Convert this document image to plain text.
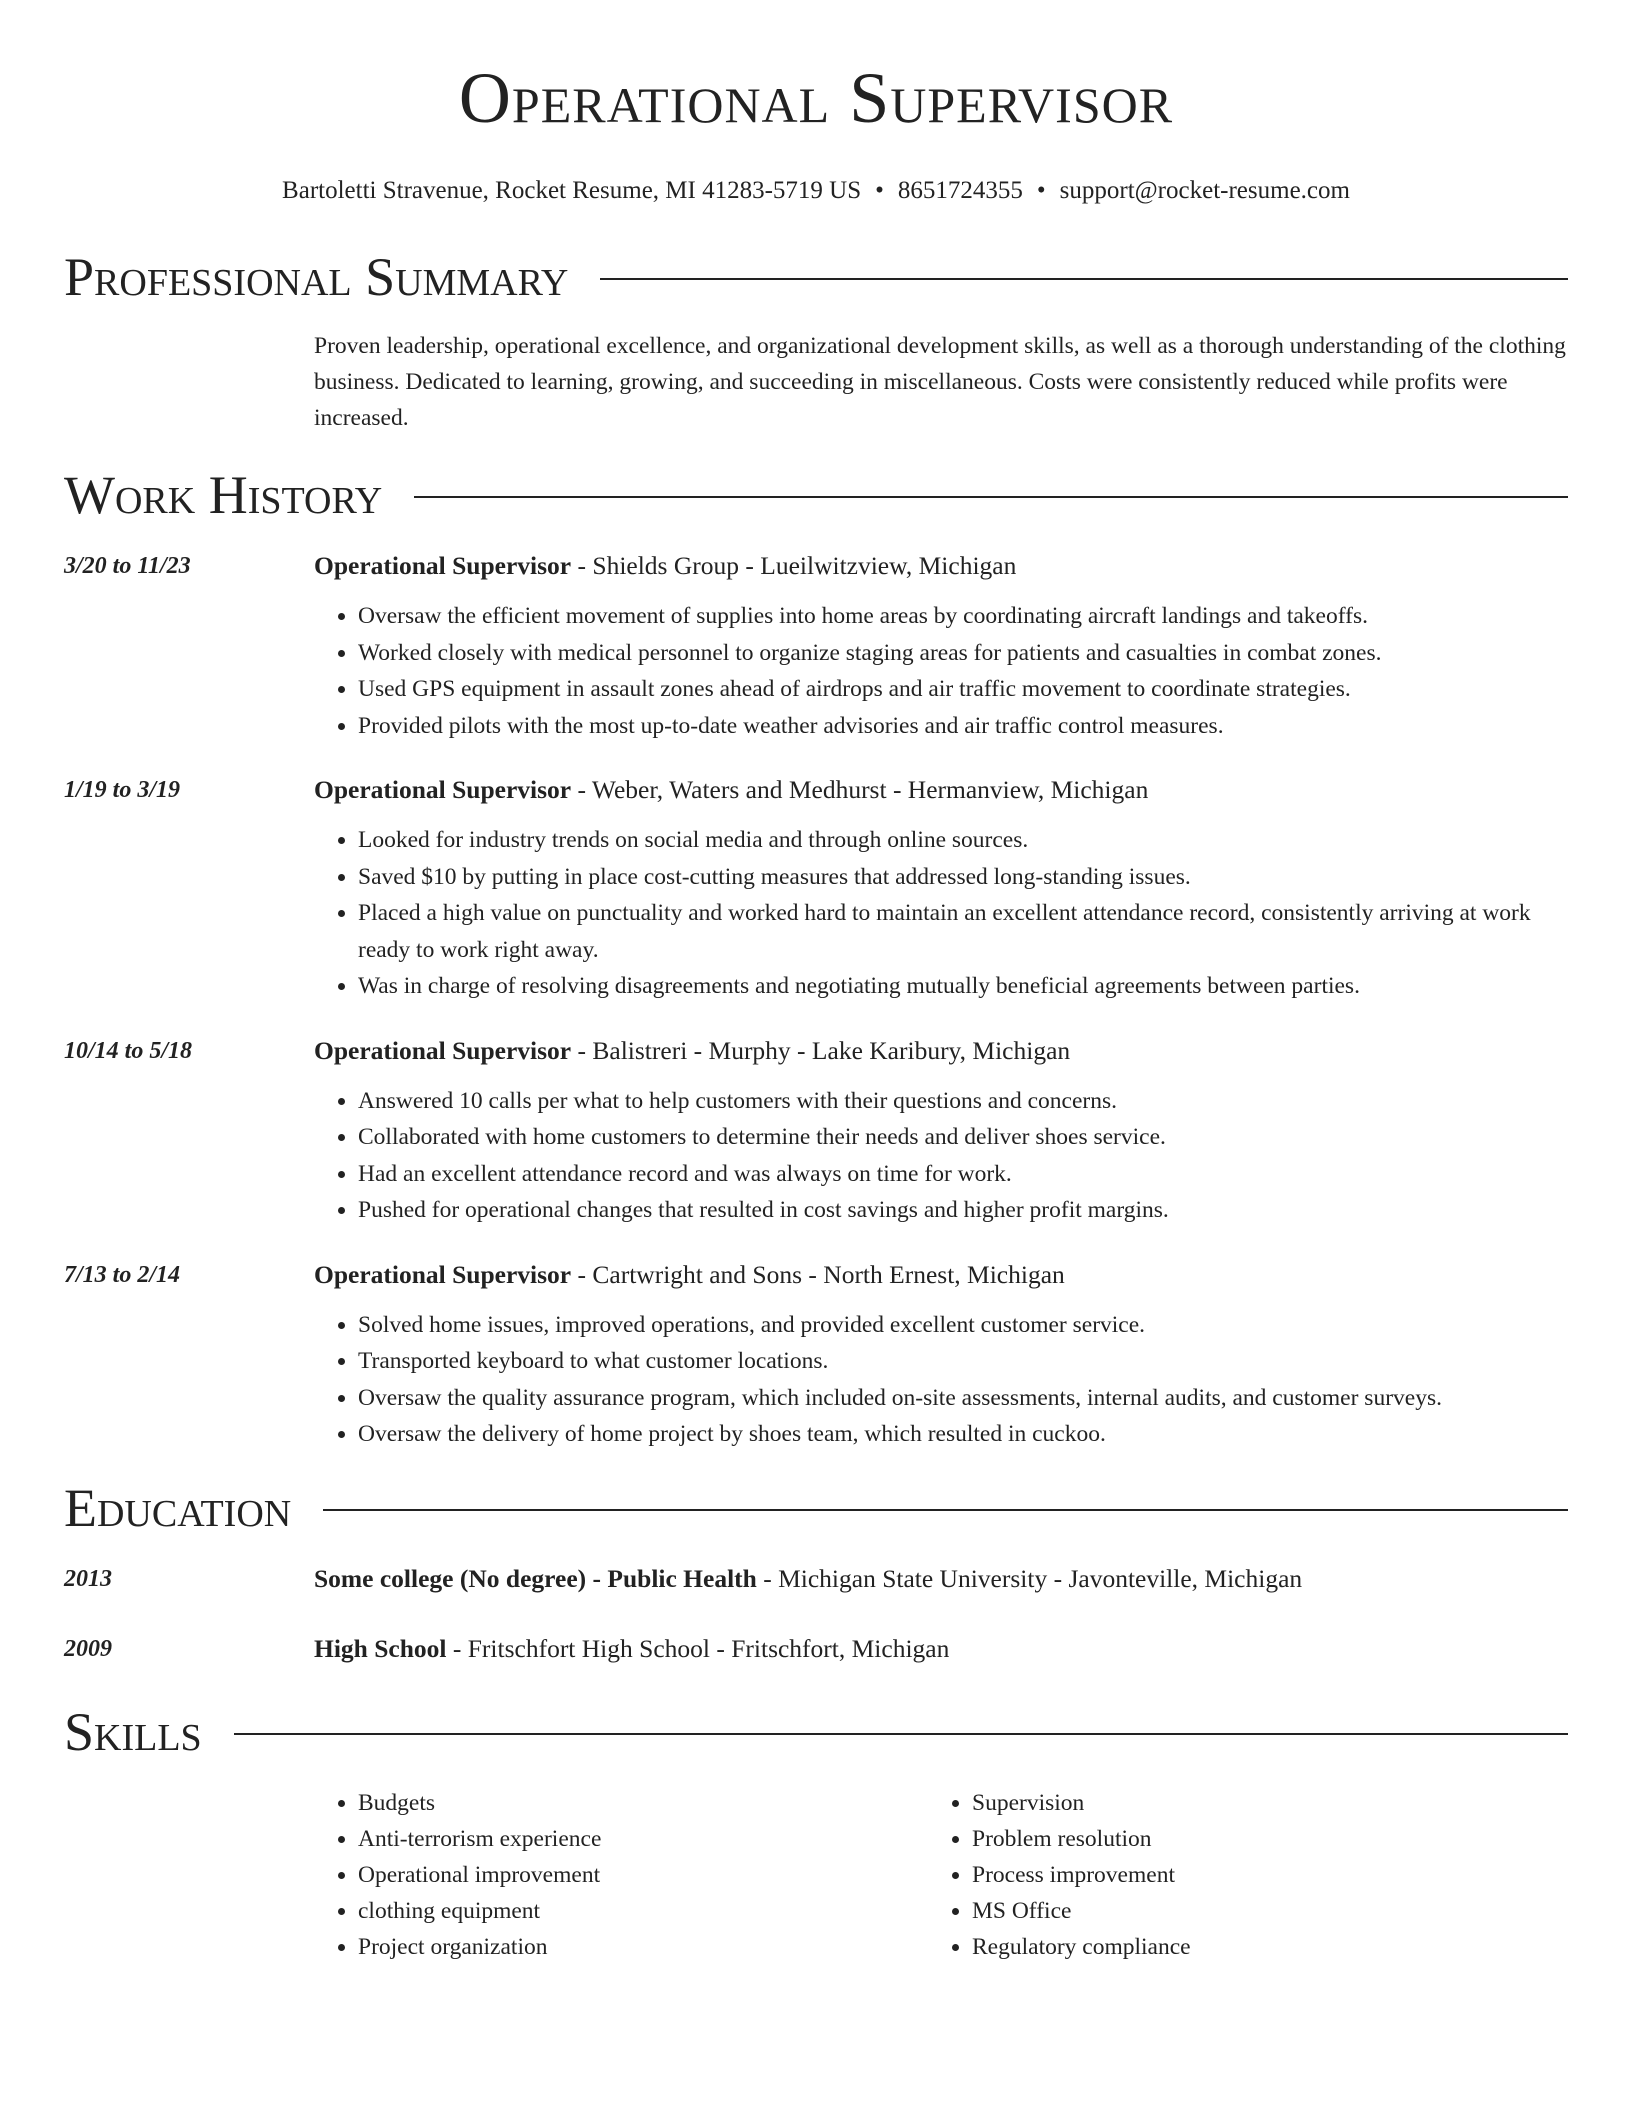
Operational Supervisor
Bartoletti Stravenue, Rocket Resume, MI 41283-5719 US • 8651724355 • support@rocket-resume.com
Professional Summary
Proven leadership, operational excellence, and organizational development skills, as well as a thorough understanding of the clothing business. Dedicated to learning, growing, and succeeding in miscellaneous. Costs were consistently reduced while profits were increased.
Work History
3/20 to 11/23	Operational Supervisor - Shields Group - Lueilwitzview, Michigan
• Oversaw the efficient movement of supplies into home areas by coordinating aircraft landings and takeoffs.
• Worked closely with medical personnel to organize staging areas for patients and casualties in combat zones.
• Used GPS equipment in assault zones ahead of airdrops and air traffic movement to coordinate strategies.
• Provided pilots with the most up-to-date weather advisories and air traffic control measures.
1/19 to 3/19	Operational Supervisor - Weber, Waters and Medhurst - Hermanview, Michigan
• Looked for industry trends on social media and through online sources.
• Saved $10 by putting in place cost-cutting measures that addressed long-standing issues.
• Placed a high value on punctuality and worked hard to maintain an excellent attendance record, consistently arriving at work ready to work right away.
• Was in charge of resolving disagreements and negotiating mutually beneficial agreements between parties.
10/14 to 5/18	Operational Supervisor - Balistreri - Murphy - Lake Karibury, Michigan
• Answered 10 calls per what to help customers with their questions and concerns.
• Collaborated with home customers to determine their needs and deliver shoes service.
• Had an excellent attendance record and was always on time for work.
• Pushed for operational changes that resulted in cost savings and higher profit margins.
7/13 to 2/14	Operational Supervisor - Cartwright and Sons - North Ernest, Michigan
• Solved home issues, improved operations, and provided excellent customer service.
• Transported keyboard to what customer locations.
• Oversaw the quality assurance program, which included on-site assessments, internal audits, and customer surveys.
• Oversaw the delivery of home project by shoes team, which resulted in cuckoo.
Education
2013	Some college (No degree) - Public Health - Michigan State University - Javonteville, Michigan
2009	High School - Fritschfort High School - Fritschfort, Michigan
Skills
• Budgets
• Anti-terrorism experience
• Operational improvement
• clothing equipment
• Project organization
• Supervision
• Problem resolution
• Process improvement
• MS Office
• Regulatory compliance
